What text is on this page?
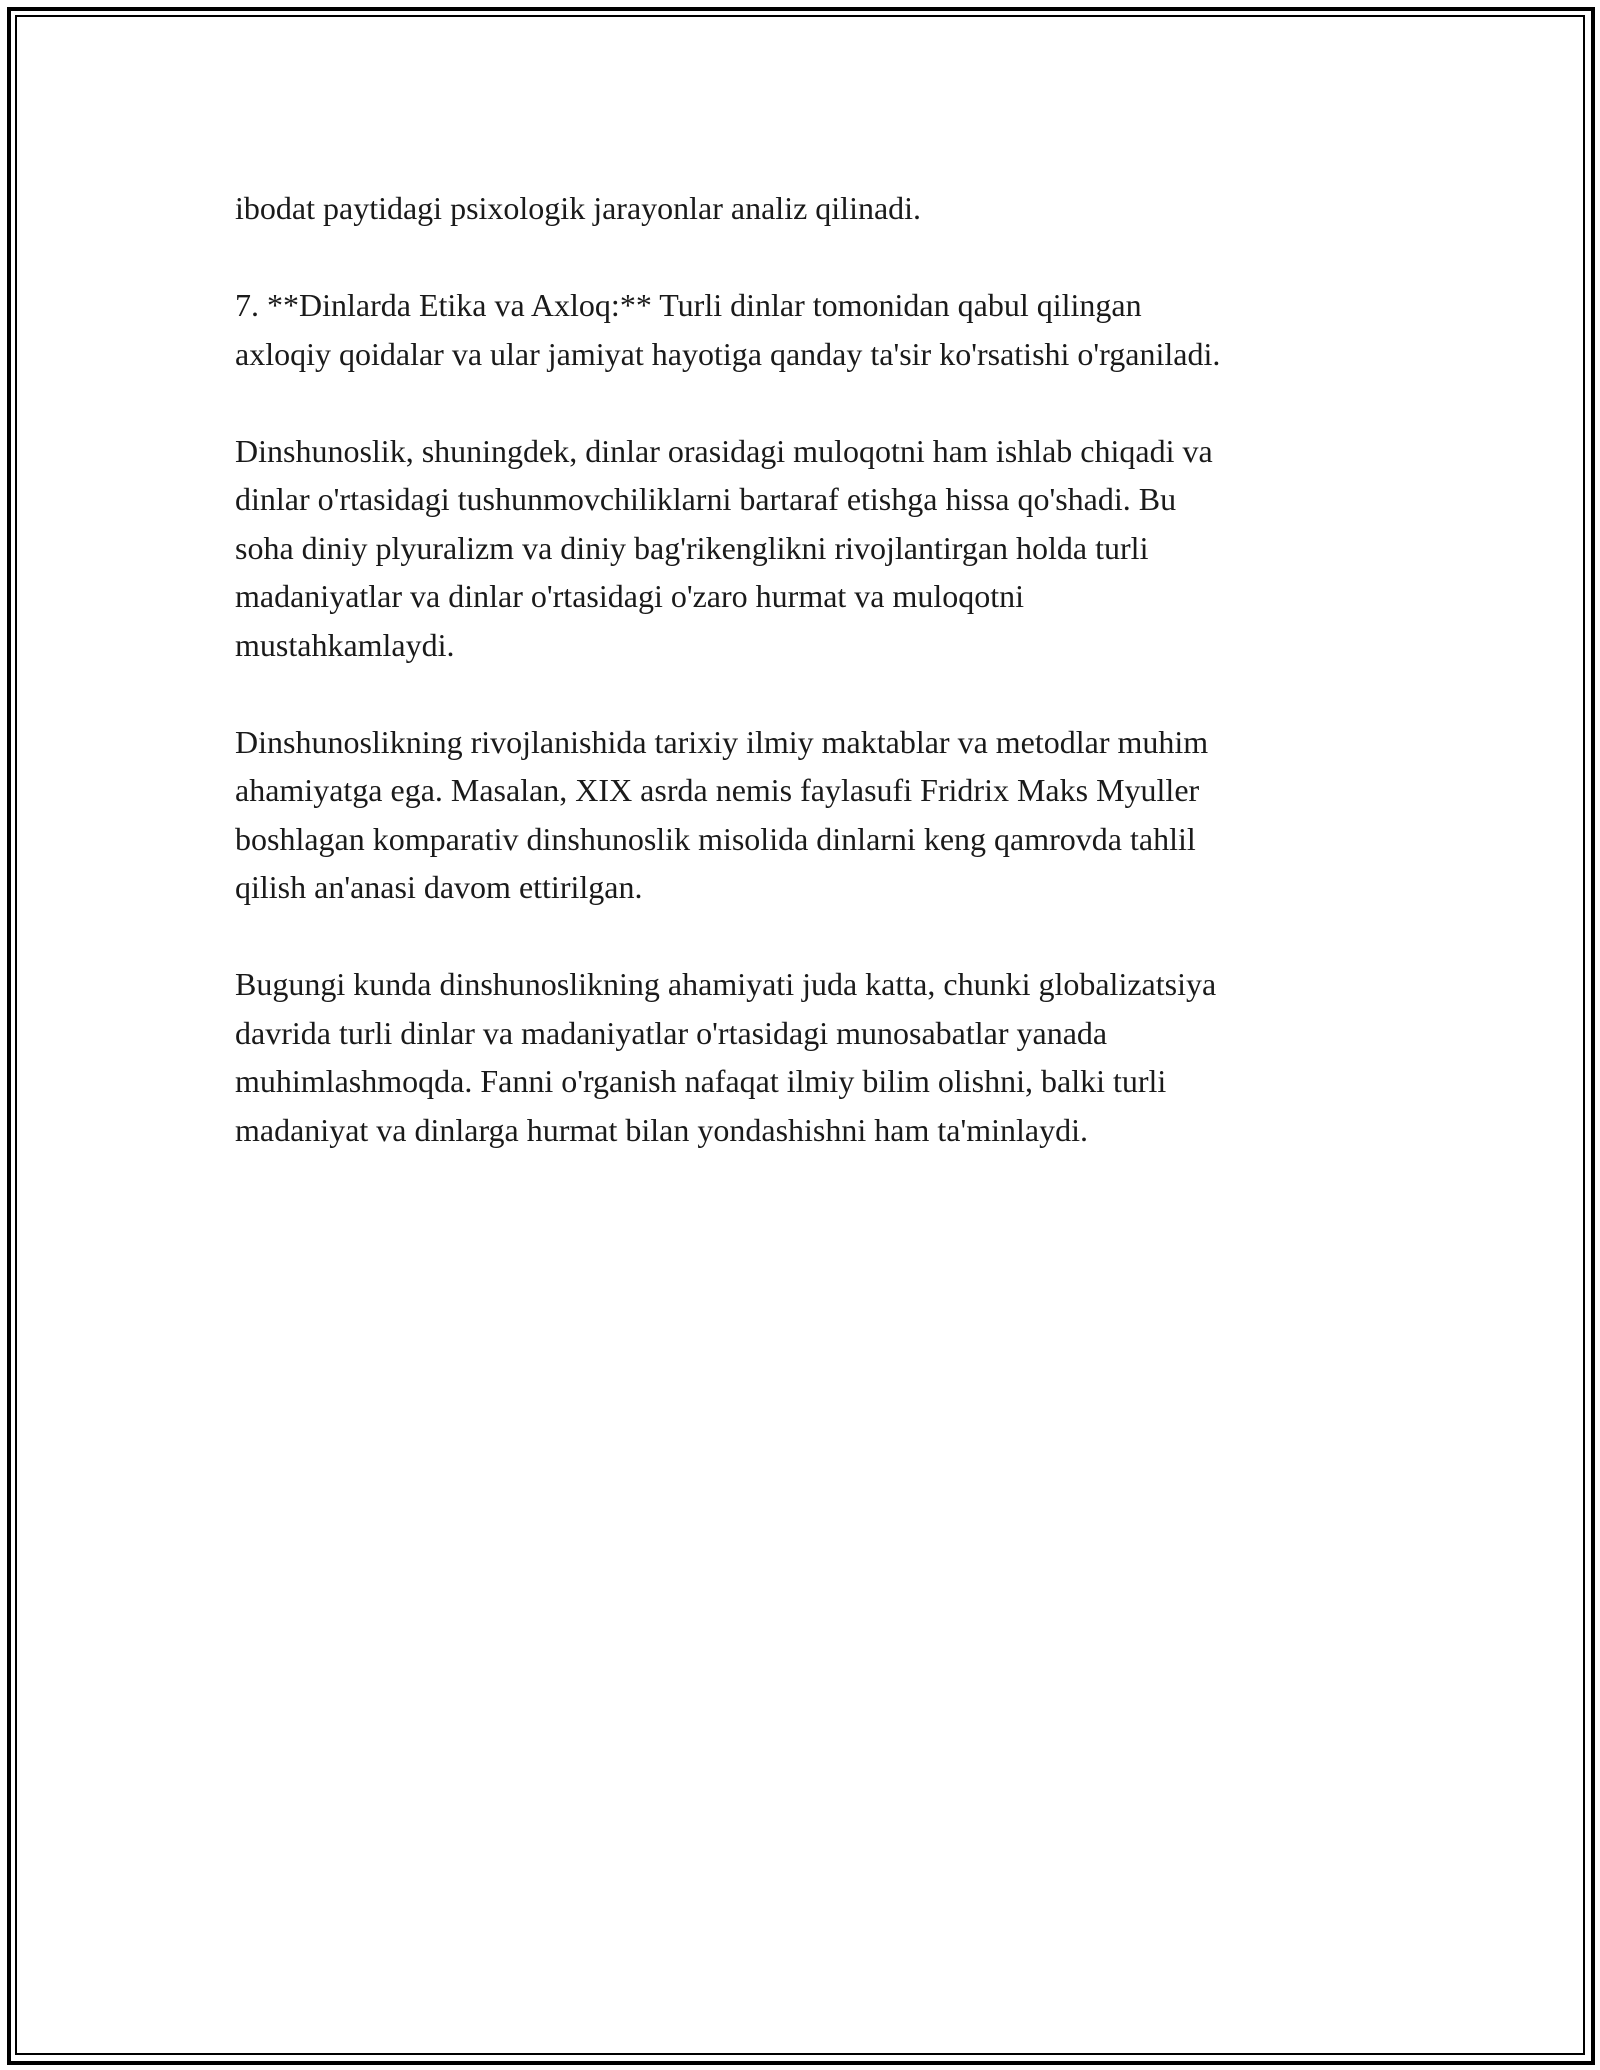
ibodat paytidagi psixologik jarayonlar analiz qilinadi.

7. **Dinlarda Etika va Axloq:** Turli dinlar tomonidan qabul qilingan
axloqiy qoidalar va ular jamiyat hayotiga qanday ta'sir ko'rsatishi o'rganiladi.

Dinshunoslik, shuningdek, dinlar orasidagi muloqotni ham ishlab chiqadi va
dinlar o'rtasidagi tushunmovchiliklarni bartaraf etishga hissa qo'shadi. Bu
soha diniy plyuralizm va diniy bag'rikenglikni rivojlantirgan holda turli
madaniyatlar va dinlar o'rtasidagi o'zaro hurmat va muloqotni
mustahkamlaydi.

Dinshunoslikning rivojlanishida tarixiy ilmiy maktablar va metodlar muhim
ahamiyatga ega. Masalan, XIX asrda nemis faylasufi Fridrix Maks Myuller
boshlagan komparativ dinshunoslik misolida dinlarni keng qamrovda tahlil
qilish an'anasi davom ettirilgan.

Bugungi kunda dinshunoslikning ahamiyati juda katta, chunki globalizatsiya
davrida turli dinlar va madaniyatlar o'rtasidagi munosabatlar yanada
muhimlashmoqda. Fanni o'rganish nafaqat ilmiy bilim olishni, balki turli
madaniyat va dinlarga hurmat bilan yondashishni ham ta'minlaydi.
